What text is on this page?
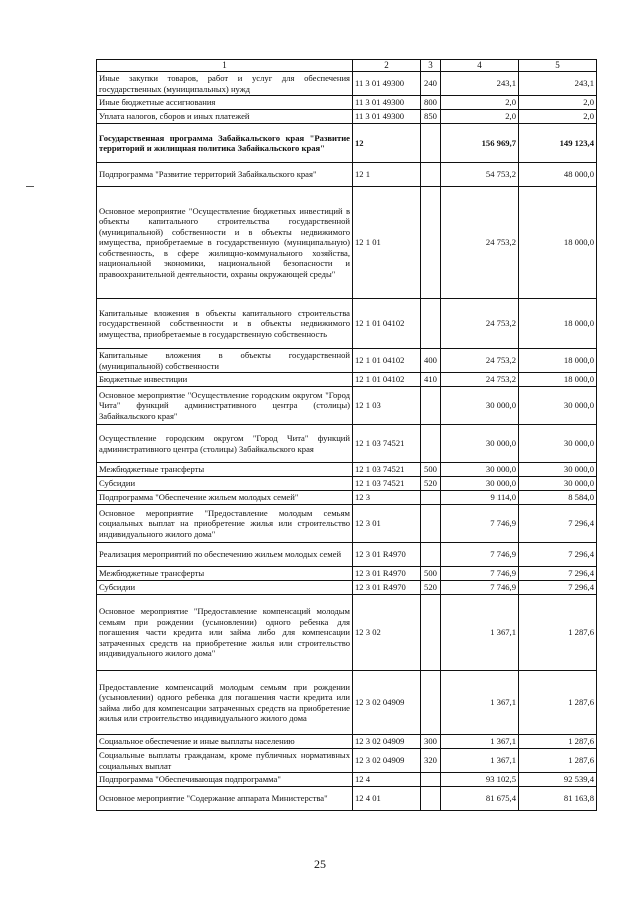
1	2	3	4	5
Иные закупки товаров, работ и услуг для обеспечения государственных (муниципальных) нужд	11 3 01 49300	240	243,1	243,1
Иные бюджетные ассигнования	11 3 01 49300	800	2,0	2,0
Уплата налогов, сборов и иных платежей	11 3 01 49300	850	2,0	2,0
Государственная программа Забайкальского края "Развитие территорий и жилищная политика Забайкальского края"	12		156 969,7	149 123,4
Подпрограмма "Развитие территорий Забайкальского края"	12 1		54 753,2	48 000,0
Основное мероприятие "Осуществление бюджетных инвестиций в объекты капитального строительства государственной (муниципальной) собственности и в объекты недвижимого имущества, приобретаемые в государственную (муниципальную) собственность, в сфере жилищно-коммунального хозяйства, национальной экономики, национальной безопасности и правоохранительной деятельности, охраны окружающей среды"	12 1 01		24 753,2	18 000,0
Капитальные вложения в объекты капитального строительства государственной собственности и в объекты недвижимого имущества, приобретаемые в государственную собственность	12 1 01 04102		24 753,2	18 000,0
Капитальные вложения в объекты государственной (муниципальной) собственности	12 1 01 04102	400	24 753,2	18 000,0
Бюджетные инвестиции	12 1 01 04102	410	24 753,2	18 000,0
Основное мероприятие "Осуществление городским округом "Город Чита" функций административного центра (столицы) Забайкальского края"	12 1 03		30 000,0	30 000,0
Осуществление городским округом "Город Чита" функций административного центра (столицы) Забайкальского края	12 1 03 74521		30 000,0	30 000,0
Межбюджетные трансферты	12 1 03 74521	500	30 000,0	30 000,0
Субсидии	12 1 03 74521	520	30 000,0	30 000,0
Подпрограмма "Обеспечение жильем молодых семей"	12 3		9 114,0	8 584,0
Основное мероприятие "Предоставление молодым семьям социальных выплат на приобретение жилья или строительство индивидуального жилого дома"	12 3 01		7 746,9	7 296,4
Реализация мероприятий по обеспечению жильем молодых семей	12 3 01 R4970		7 746,9	7 296,4
Межбюджетные трансферты	12 3 01 R4970	500	7 746,9	7 296,4
Субсидии	12 3 01 R4970	520	7 746,9	7 296,4
Основное мероприятие "Предоставление компенсаций молодым семьям при рождении (усыновлении) одного ребенка для погашения части кредита или займа либо для компенсации затраченных средств на приобретение жилья или строительство индивидуального жилого дома"	12 3 02		1 367,1	1 287,6
Предоставление компенсаций молодым семьям при рождении (усыновлении) одного ребенка для погашения части кредита или займа либо для компенсации затраченных средств на приобретение жилья или строительство индивидуального жилого дома	12 3 02 04909		1 367,1	1 287,6
Социальное обеспечение и иные выплаты населению	12 3 02 04909	300	1 367,1	1 287,6
Социальные выплаты гражданам, кроме публичных нормативных социальных выплат	12 3 02 04909	320	1 367,1	1 287,6
Подпрограмма "Обеспечивающая подпрограмма"	12 4		93 102,5	92 539,4
Основное мероприятие "Содержание аппарата Министерства"	12 4 01		81 675,4	81 163,8
25
